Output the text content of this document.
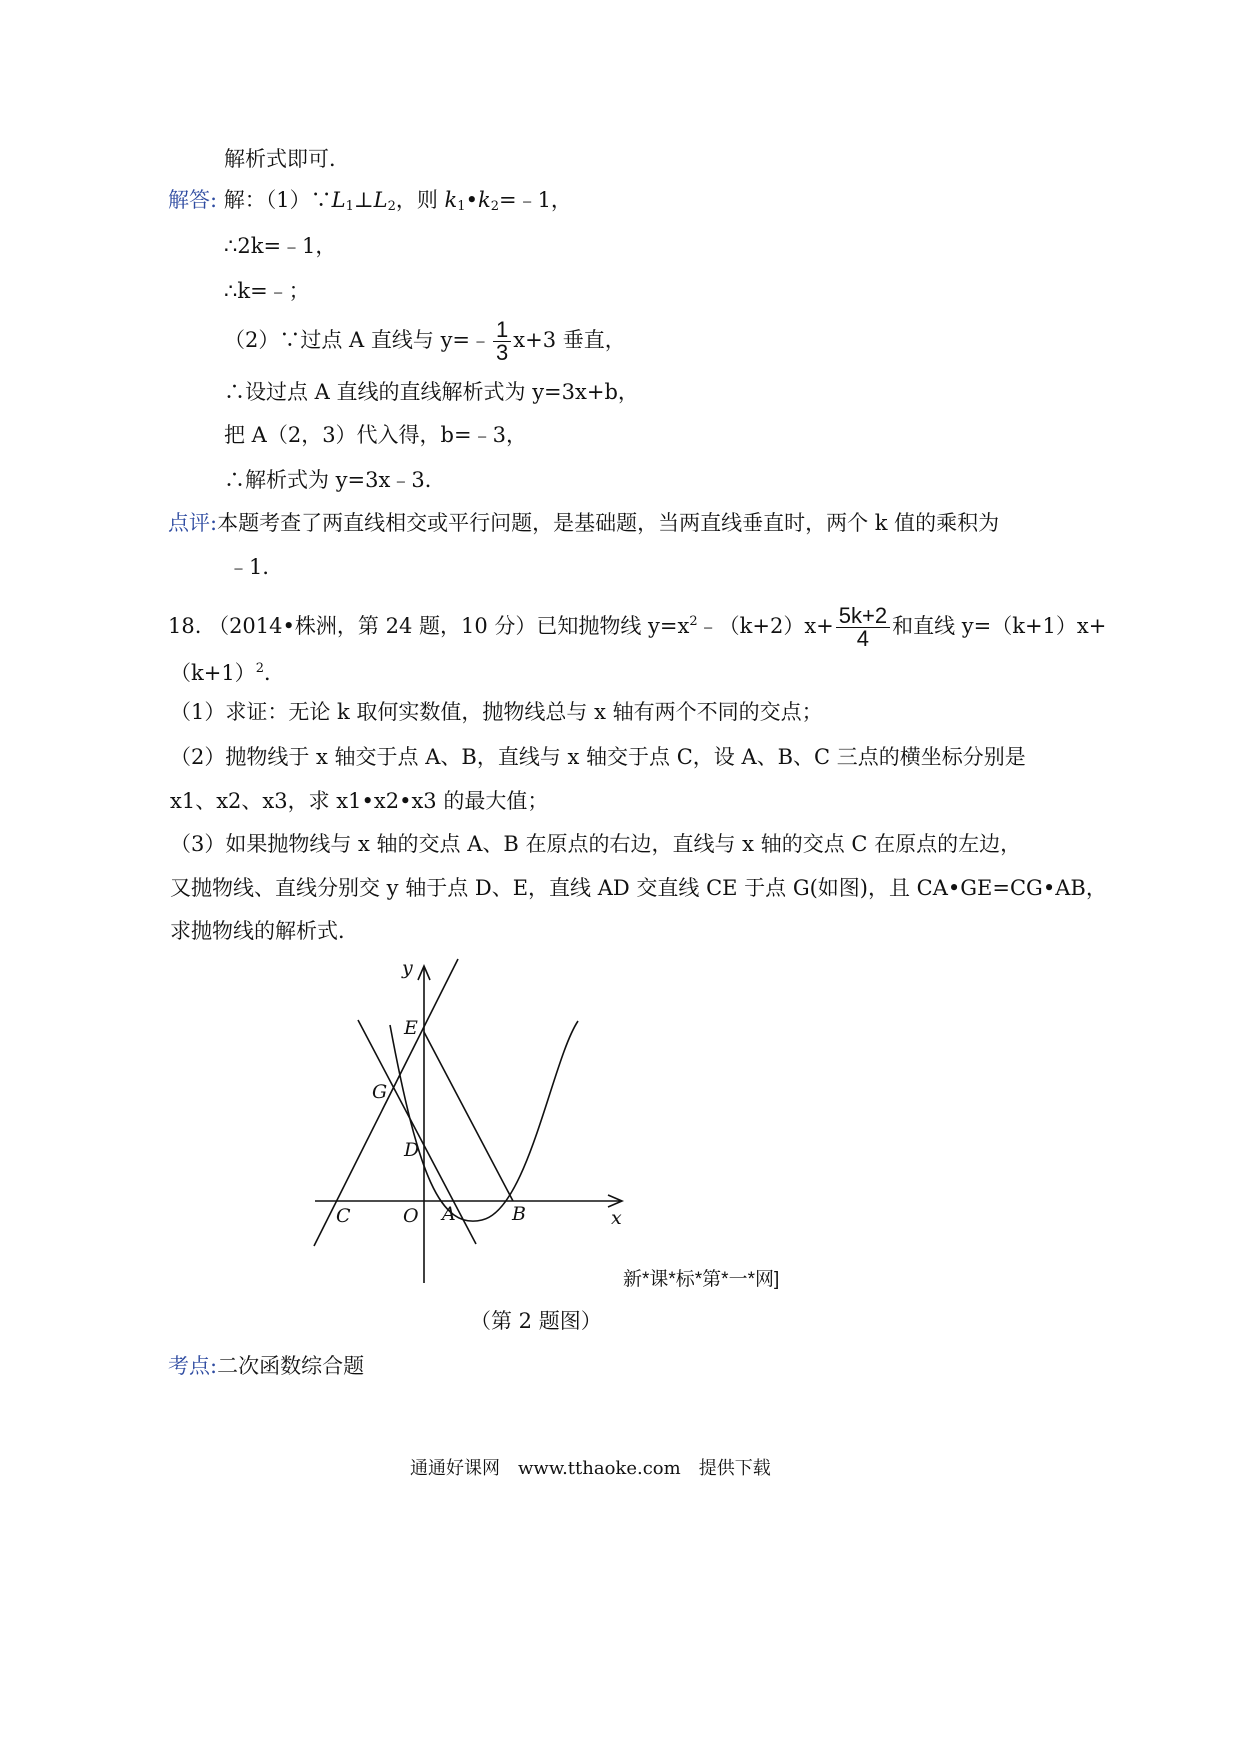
解析式即可．
解答: 解：$(1)\because L_1\perp L_2$，则 $k_1•k_2=﹣1$，
∴2k=﹣1，
∴k=﹣；
（2）∵过点 A 直线与 y=﹣ $\frac{1}{3} x+3$ 垂直，
∴设过点 A 直线的直线解析式为 y=3x+b，
把 A（2，3）代入得，b=﹣3，
∴解析式为 y=3x﹣3．
点评:本题考查了两直线相交或平行问题，是基础题，当两直线垂直时，两个 k 值的乘积为
﹣1．
18. （2014•株洲，第 24 题，10 分）已知抛物线 $y=x^2﹣(k+2)x+ \frac{5k+2}{4}$ 和直线 y=（k+1）x+
$(k+1)^2$．
（1）求证：无论 k 取何实数值，抛物线总与 x 轴有两个不同的交点；
（2）抛物线于 x 轴交于点 A、B，直线与 x 轴交于点 C，设 A、B、C 三点的横坐标分别是
x1、x2、x3，求 x1•x2•x3 的最大值；
（3）如果抛物线与 x 轴的交点 A、B 在原点的右边，直线与 x 轴的交点 C 在原点的左边，
又抛物线、直线分别交 y 轴于点 D、E，直线 AD 交直线 CE 于点 G(如图)，且 CA•GE=CG•AB，
求抛物线的解析式．
y
x
E
G
D
C	O A	B
新*课*标*第*一*网]
（第 2 题图）
考点:二次函数综合题
通通好课网　www.tthaoke.com　提供下载
